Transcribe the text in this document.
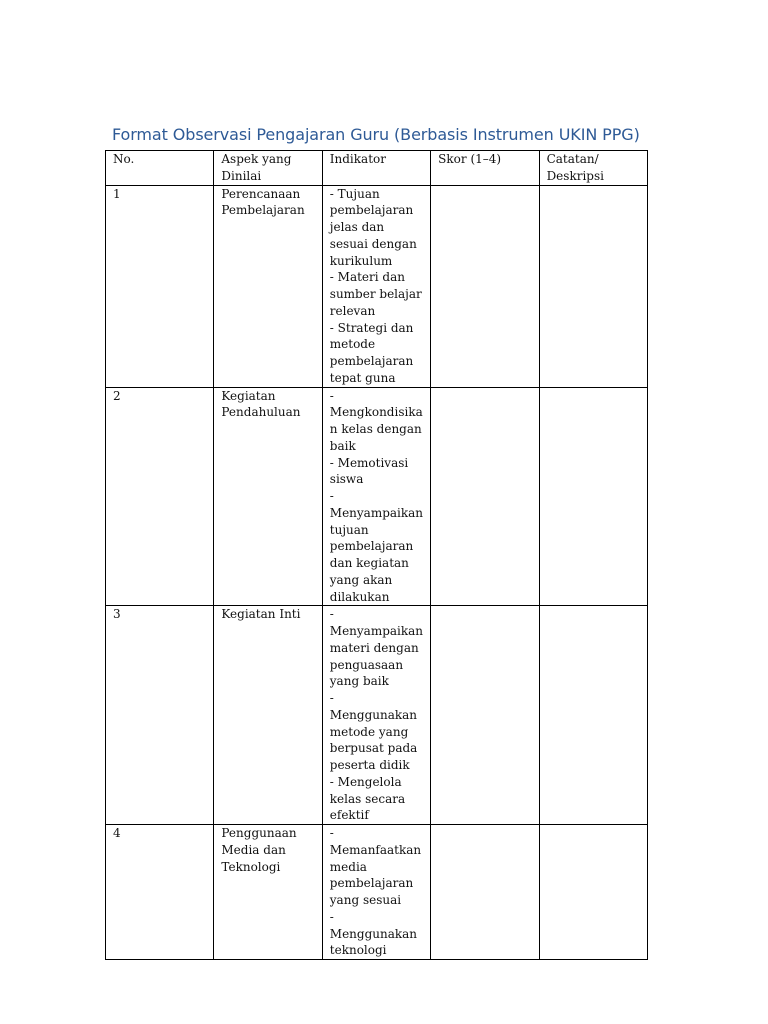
Format Observasi Pengajaran Guru (Berbasis Instrumen UKIN PPG)
No.	Aspek yang Dinilai	Indikator	Skor (1–4)	Catatan/ Deskripsi
1	Perencanaan Pembelajaran	- Tujuan pembelajaran jelas dan sesuai dengan kurikulum
- Materi dan sumber belajar relevan
- Strategi dan metode pembelajaran tepat guna		

2	Kegiatan Pendahuluan	- Mengkondisikan kelas dengan baik
- Memotivasi siswa
- Menyampaikan tujuan pembelajaran dan kegiatan yang akan dilakukan		

3	Kegiatan Inti	- Menyampaikan materi dengan penguasaan yang baik
- Menggunakan metode yang berpusat pada peserta didik
- Mengelola kelas secara efektif		

4	Penggunaan Media dan Teknologi	- Memanfaatkan media pembelajaran yang sesuai
- Menggunakan teknologi		
